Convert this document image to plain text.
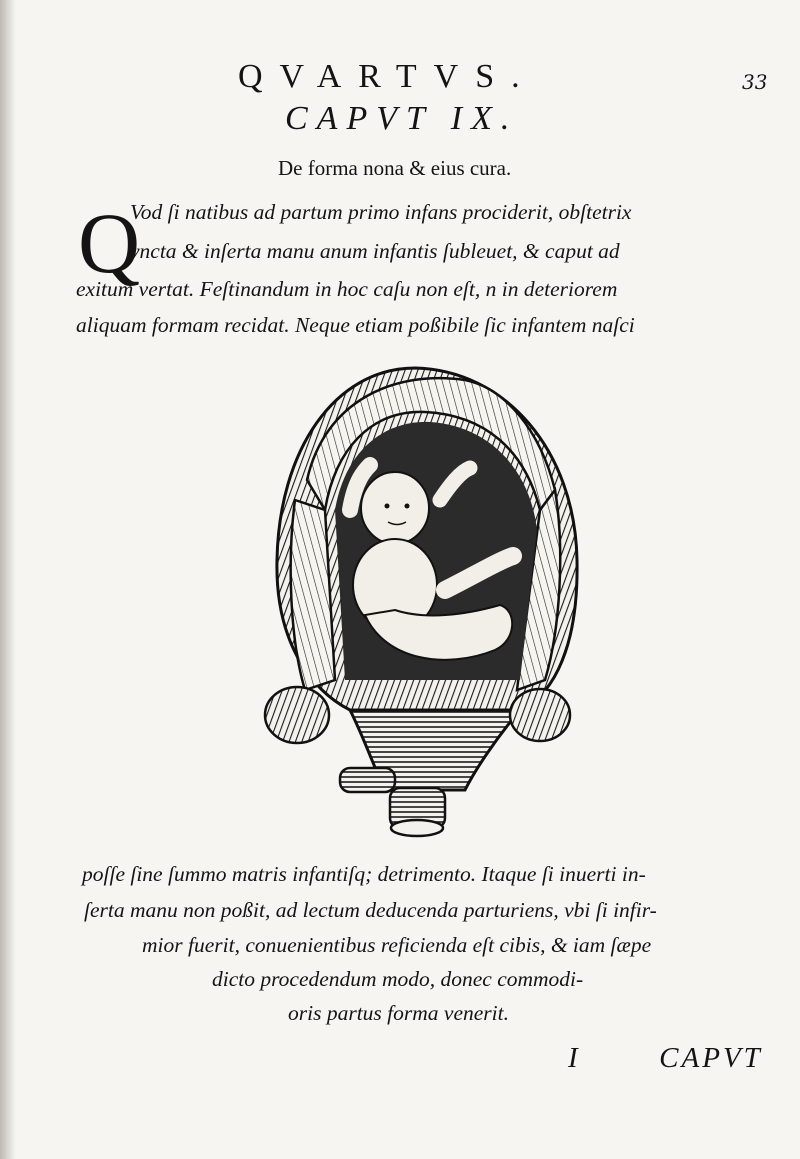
QVARTVS.	33
CAPVT IX.
De forma nona & eius cura.
Q
Vod ſi natibus ad partum primo infans prociderit, obſtetrix
vncta & inſerta manu anum infantis ſubleuet, & caput ad
exitum vertat. Feſtinandum in hoc caſu non eſt, n in deteriorem
aliquam formam recidat. Neque etiam poßibile ſic infantem naſci
poſſe ſine ſummo matris infantiſq; detrimento. Itaque ſi inuerti in-
ſerta manu non poßit, ad lectum deducenda parturiens, vbi ſi infir-
mior fuerit, conuenientibus reficienda eſt cibis, & iam ſæpe
dicto procedendum modo, donec commodi-
oris partus forma venerit.
I	CAPVT
